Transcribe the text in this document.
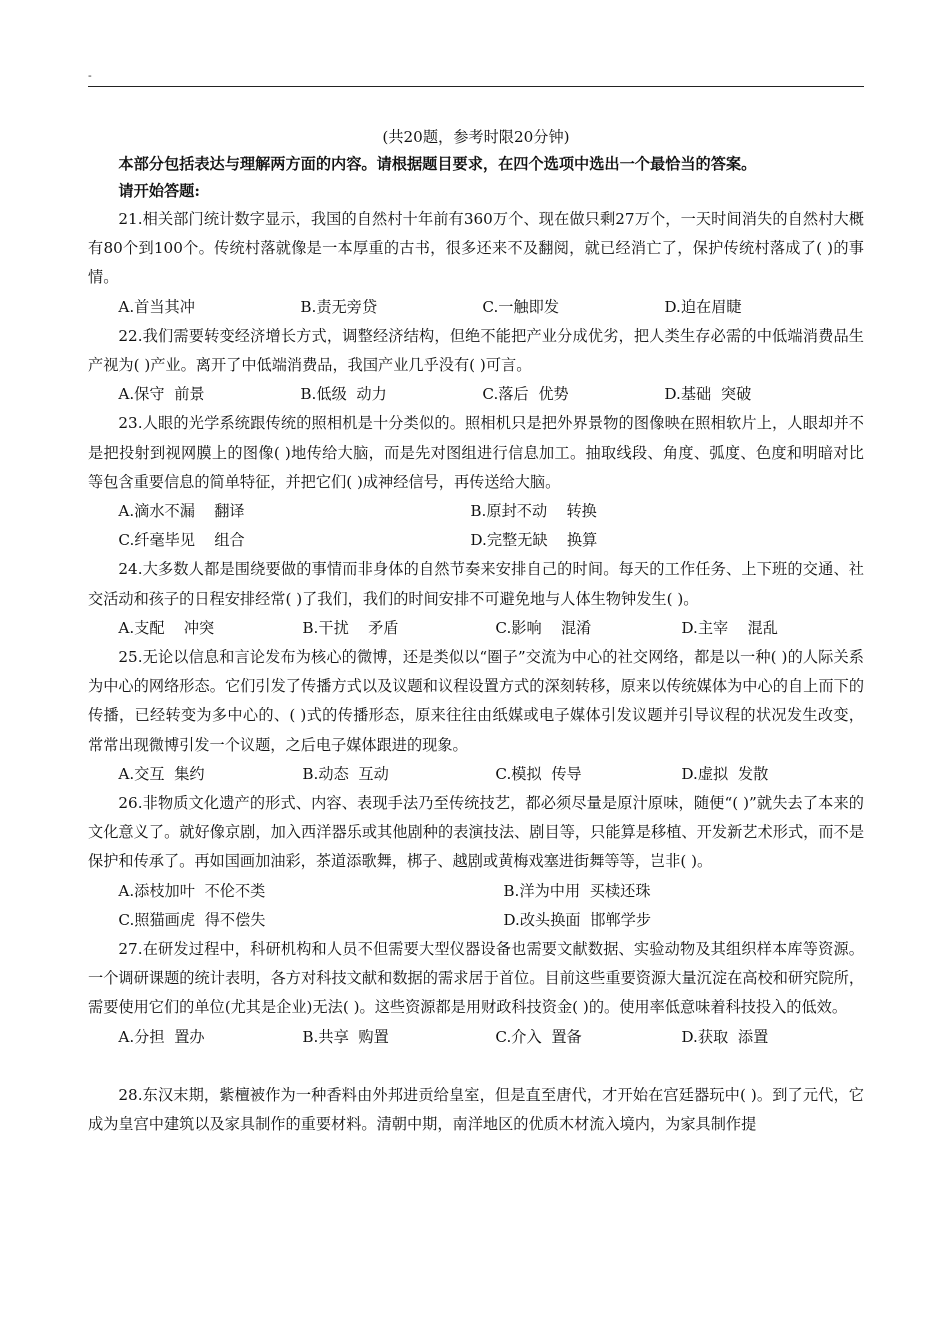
-
(共20题，参考时限20分钟)
本部分包括表达与理解两方面的内容。请根据题目要求，在四个选项中选出一个最恰当的答案。
请开始答题:
21.相关部门统计数字显示，我国的自然村十年前有360万个、现在做只剩27万个，一天时间消失的自然村大概有80个到100个。传统村落就像是一本厚重的古书，很多还来不及翻阅，就已经消亡了，保护传统村落成了( )的事情。
A.首当其冲	B.责无旁贷	C.一触即发	D.迫在眉睫
22.我们需要转变经济增长方式，调整经济结构，但绝不能把产业分成优劣，把人类生存必需的中低端消费品生产视为( )产业。离开了中低端消费品，我国产业几乎没有( )可言。
A.保守  前景	B.低级  动力	C.落后  优势	D.基础  突破
23.人眼的光学系统跟传统的照相机是十分类似的。照相机只是把外界景物的图像映在照相软片上，人眼却并不是把投射到视网膜上的图像( )地传给大脑，而是先对图组进行信息加工。抽取线段、角度、弧度、色度和明暗对比等包含重要信息的简单特征，并把它们( )成神经信号，再传送给大脑。
A.滴水不漏    翻译	B.原封不动    转换
C.纤毫毕见    组合	D.完整无缺    换算
24.大多数人都是围绕要做的事情而非身体的自然节奏来安排自己的时间。每天的工作任务、上下班的交通、社交活动和孩子的日程安排经常( )了我们，我们的时间安排不可避免地与人体生物钟发生( )。
A.支配    冲突	B.干扰    矛盾	C.影响    混淆	D.主宰    混乱
25.无论以信息和言论发布为核心的微博，还是类似以“圈子”交流为中心的社交网络，都是以一种( )的人际关系为中心的网络形态。它们引发了传播方式以及议题和议程设置方式的深刻转移，原来以传统媒体为中心的自上而下的传播，已经转变为多中心的、( )式的传播形态，原来往往由纸媒或电子媒体引发议题并引导议程的状况发生改变，常常出现微博引发一个议题，之后电子媒体跟进的现象。
A.交互  集约	B.动态  互动	C.模拟  传导	D.虚拟  发散
26.非物质文化遗产的形式、内容、表现手法乃至传统技艺，都必须尽量是原汁原味，随便“( )”就失去了本来的文化意义了。就好像京剧，加入西洋器乐或其他剧种的表演技法、剧目等，只能算是移植、开发新艺术形式，而不是保护和传承了。再如国画加油彩，茶道添歌舞，梆子、越剧或黄梅戏塞进街舞等等，岂非( )。
A.添枝加叶  不伦不类	B.洋为中用  买椟还珠
C.照猫画虎  得不偿失	D.改头换面  邯郸学步
27.在研发过程中，科研机构和人员不但需要大型仪器设备也需要文献数据、实验动物及其组织样本库等资源。一个调研课题的统计表明，各方对科技文献和数据的需求居于首位。目前这些重要资源大量沉淀在高校和研究院所，需要使用它们的单位(尤其是企业)无法( )。这些资源都是用财政科技资金( )的。使用率低意味着科技投入的低效。
A.分担  置办	B.共享  购置	C.介入  置备	D.获取  添置
28.东汉末期，紫檀被作为一种香料由外邦进贡给皇室，但是直至唐代，才开始在宫廷器玩中( )。到了元代，它成为皇宫中建筑以及家具制作的重要材料。清朝中期，南洋地区的优质木材流入境内，为家具制作提
